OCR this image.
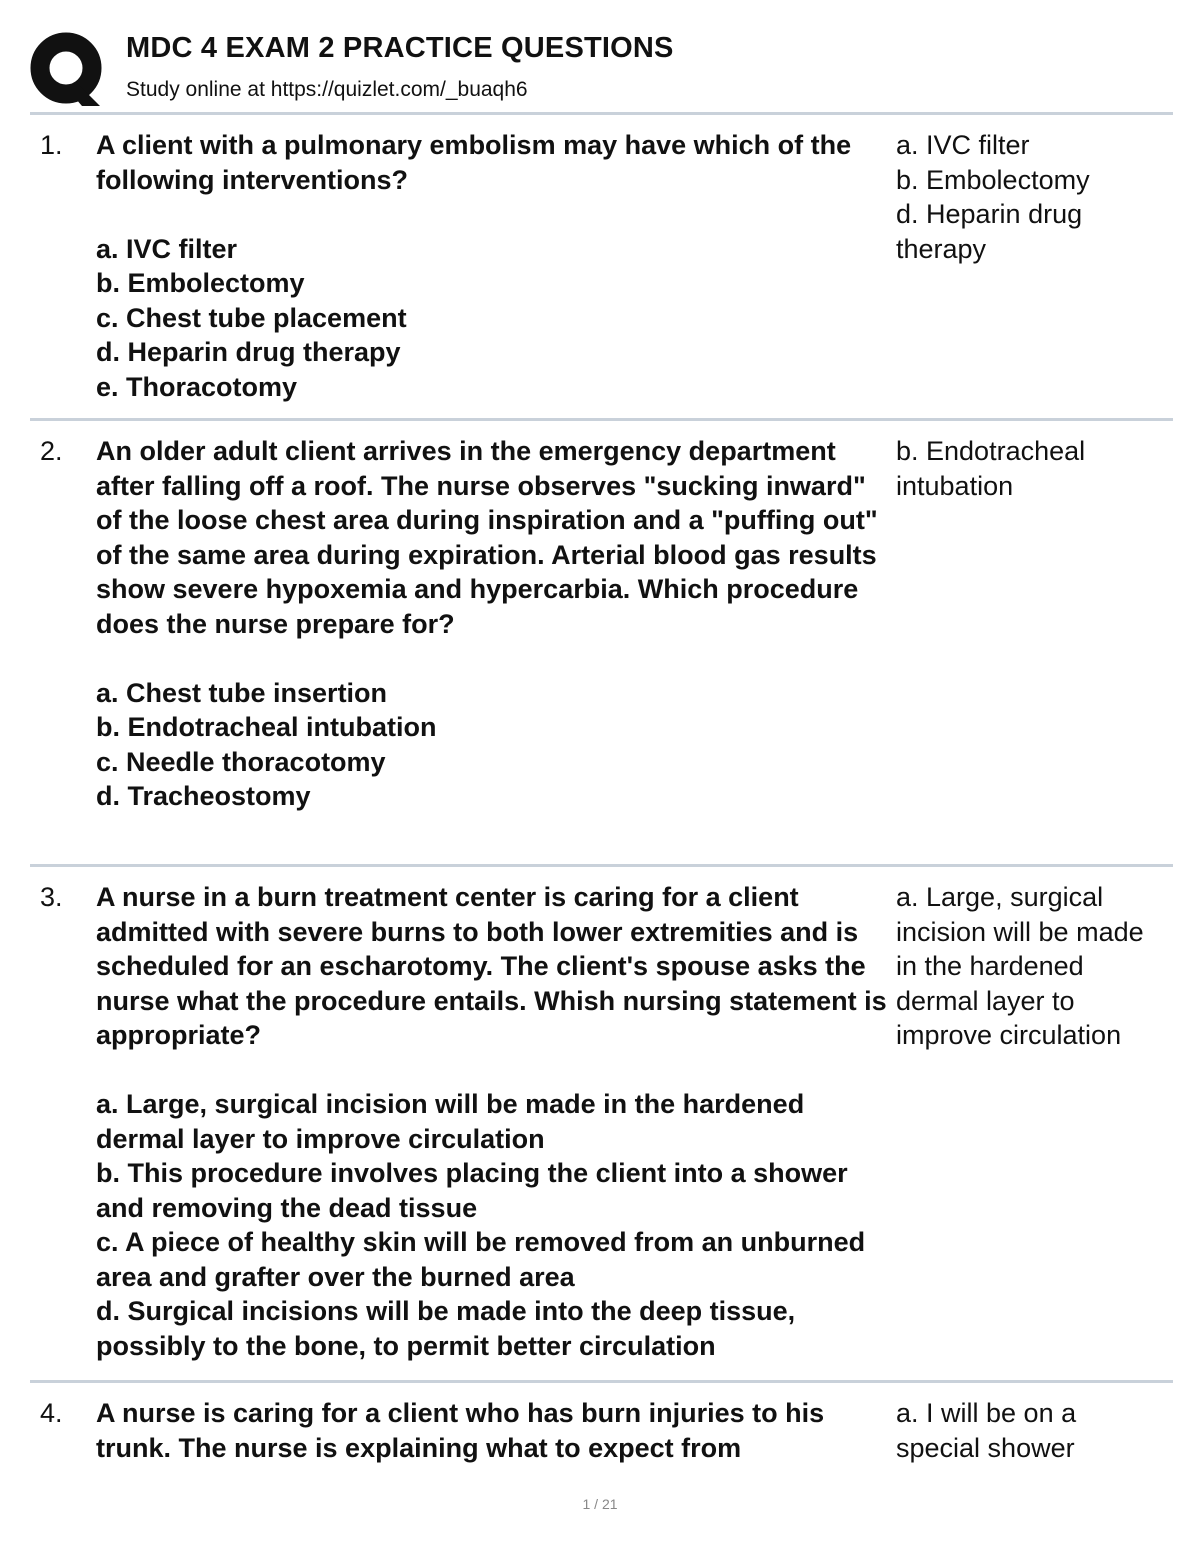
MDC 4 EXAM 2 PRACTICE QUESTIONS
Study online at https://quizlet.com/_buaqh6
1. A client with a pulmonary embolism may have which of the following interventions?

a. IVC filter
b. Embolectomy
c. Chest tube placement
d. Heparin drug therapy
e. Thoracotomy
a. IVC filter
b. Embolectomy
d. Heparin drug therapy
2. An older adult client arrives in the emergency department after falling off a roof. The nurse observes "sucking inward" of the loose chest area during inspiration and a "puffing out" of the same area during expiration. Arterial blood gas results show severe hypoxemia and hypercarbia. Which procedure does the nurse prepare for?

a. Chest tube insertion
b. Endotracheal intubation
c. Needle thoracotomy
d. Tracheostomy
b. Endotracheal intubation
3. A nurse in a burn treatment center is caring for a client admitted with severe burns to both lower extremities and is scheduled for an escharotomy. The client's spouse asks the nurse what the procedure entails. Whish nursing statement is appropriate?

a. Large, surgical incision will be made in the hardened dermal layer to improve circulation
b. This procedure involves placing the client into a shower and removing the dead tissue
c. A piece of healthy skin will be removed from an unburned area and grafter over the burned area
d. Surgical incisions will be made into the deep tissue, possibly to the bone, to permit better circulation
a. Large, surgical incision will be made in the hardened dermal layer to improve circulation
4. A nurse is caring for a client who has burn injuries to his trunk. The nurse is explaining what to expect from
a. I will be on a special shower
1 / 21
